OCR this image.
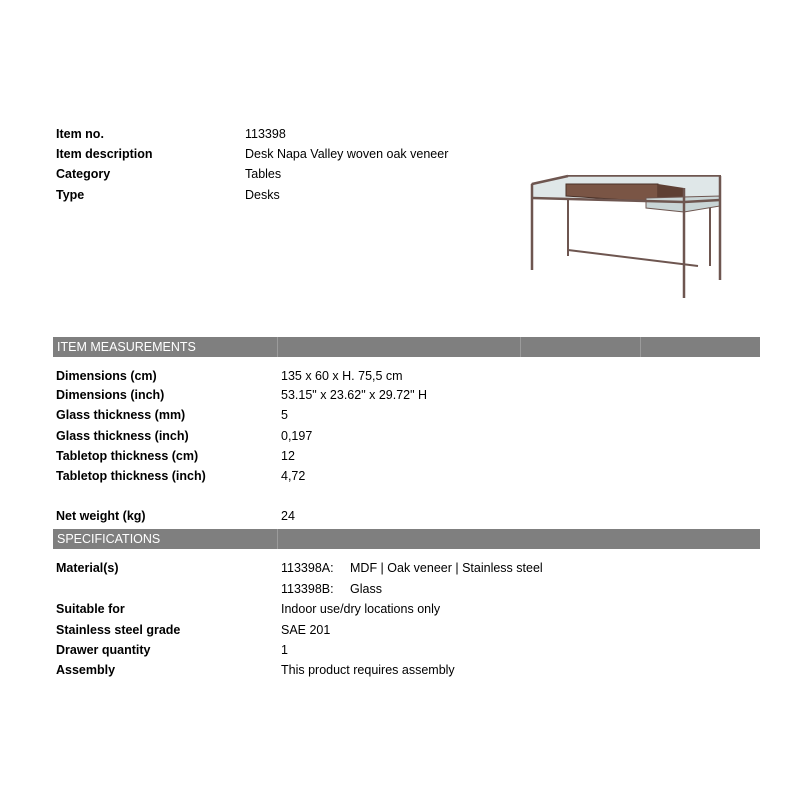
Item no.	113398
Item description	Desk Napa Valley woven oak veneer
Category	Tables
Type	Desks
ITEM MEASUREMENTS
Dimensions (cm)	135 x 60 x H. 75,5 cm
Dimensions (inch)	53.15" x 23.62" x 29.72" H
Glass thickness (mm)	5
Glass thickness (inch)	0,197
Tabletop thickness (cm)	12
Tabletop thickness (inch)	4,72
Net weight (kg)	24
SPECIFICATIONS
Material(s)	113398A: MDF | Oak veneer | Stainless steel
113398B: Glass
Suitable for	Indoor use/dry locations only
Stainless steel grade	SAE 201
Drawer quantity	1
Assembly	This product requires assembly
